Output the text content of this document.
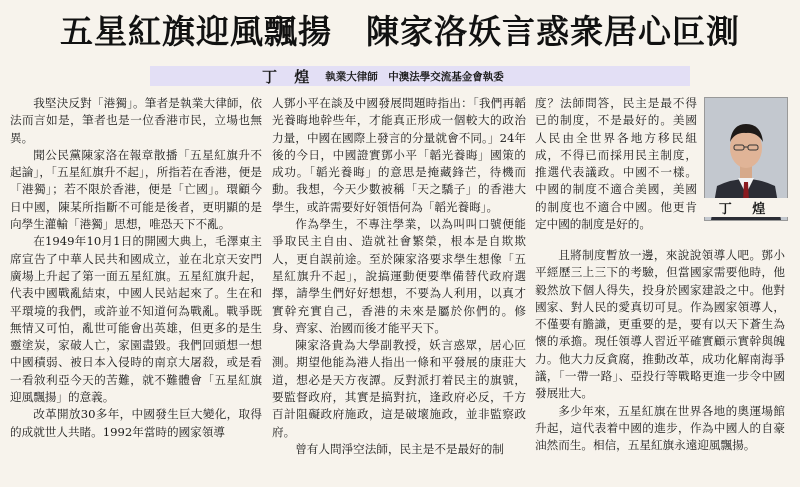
五星紅旗迎風飄揚　陳家洛妖言惑衆居心叵測
丁 煌 執業大律師　中澳法學交流基金會執委

我堅決反對「港獨」。筆者是執業大律師，依法而言如是，筆者也是一位香港市民，立場也無異。

聞公民黨陳家洛在報章散播「五星紅旗升不起論」，「五星紅旗升不起」，所指若在香港，便是「港獨」；若不限於香港，便是「亡國」。環顧今日中國，陳某所指斷不可能是後者，更明顯的是向學生灌輸「港獨」思想，唯恐天下不亂。

在1949年10月1日的開國大典上，毛澤東主席宣告了中華人民共和國成立，並在北京天安門廣場上升起了第一面五星紅旗。五星紅旗升起，代表中國戰亂結束，中國人民站起來了。生在和平環境的我們，或許並不知道何為戰亂。戰爭既無情又可怕，亂世可能會出英雄，但更多的是生靈塗炭，家破人亡，家園盡毀。我們回頭想一想中國積弱、被日本入侵時的南京大屠殺，或是看一看敘利亞今天的苦難，就不難體會「五星紅旗迎風飄揚」的意義。

改革開放30多年，中國發生巨大變化，取得的成就世人共睹。1992年當時的國家領導

人鄧小平在談及中國發展問題時指出：「我們再韜光養晦地幹些年，才能真正形成一個較大的政治力量，中國在國際上發言的分量就會不同。」24年後的今日，中國證實鄧小平「韜光養晦」國策的成功。「韜光養晦」的意思是掩藏鋒芒，待機而動。我想，今天少數被稱「天之驕子」的香港大學生，或許需要好好領悟何為「韜光養晦」。

作為學生，不專注學業，以為叫叫口號便能爭取民主自由、造就社會繁榮，根本是自欺欺人，更自誤前途。至於陳家洛要求學生想像「五星紅旗升不起」，說搞運動便要準備替代政府選擇，請學生們好好想想，不要為人利用，以真才實幹充實自己，香港的未來是屬於你們的。修身、齊家、治國而後才能平天下。

陳家洛貴為大學副教授，妖言惑眾，居心叵測。期望他能為港人指出一條和平發展的康莊大道，想必是天方夜譚。反對派打着民主的旗號，要監督政府，其實是搞對抗，逢政府必反，千方百計阻礙政府施政，這是破壞施政，並非監察政府。

曾有人問淨空法師，民主是不是最好的制

度？法師問答，民主是最不得已的制度，不是最好的。美國人民由全世界各地方移民組成，不得已而採用民主制度，推選代表議政。中國不一樣。中國的制度不適合美國，美國的制度也不適合中國。他更肯定中國的制度是好的。

丁 煌

且將制度暫放一邊，來說說領導人吧。鄧小平經歷三上三下的考驗，但當國家需要他時，他毅然放下個人得失，投身於國家建設之中。他對國家、對人民的愛真切可見。作為國家領導人，不僅要有膽識，更重要的是，要有以天下蒼生為懷的承擔。現任領導人習近平確實顧示實幹與魄力。他大力反貪腐，推動改革，成功化解南海爭議，「一帶一路」、亞投行等戰略更進一步令中國發展壯大。

多少年來，五星紅旗在世界各地的奧運場館升起，這代表着中國的進步，作為中國人的自豪油然而生。相信，五星紅旗永遠迎風飄揚。
